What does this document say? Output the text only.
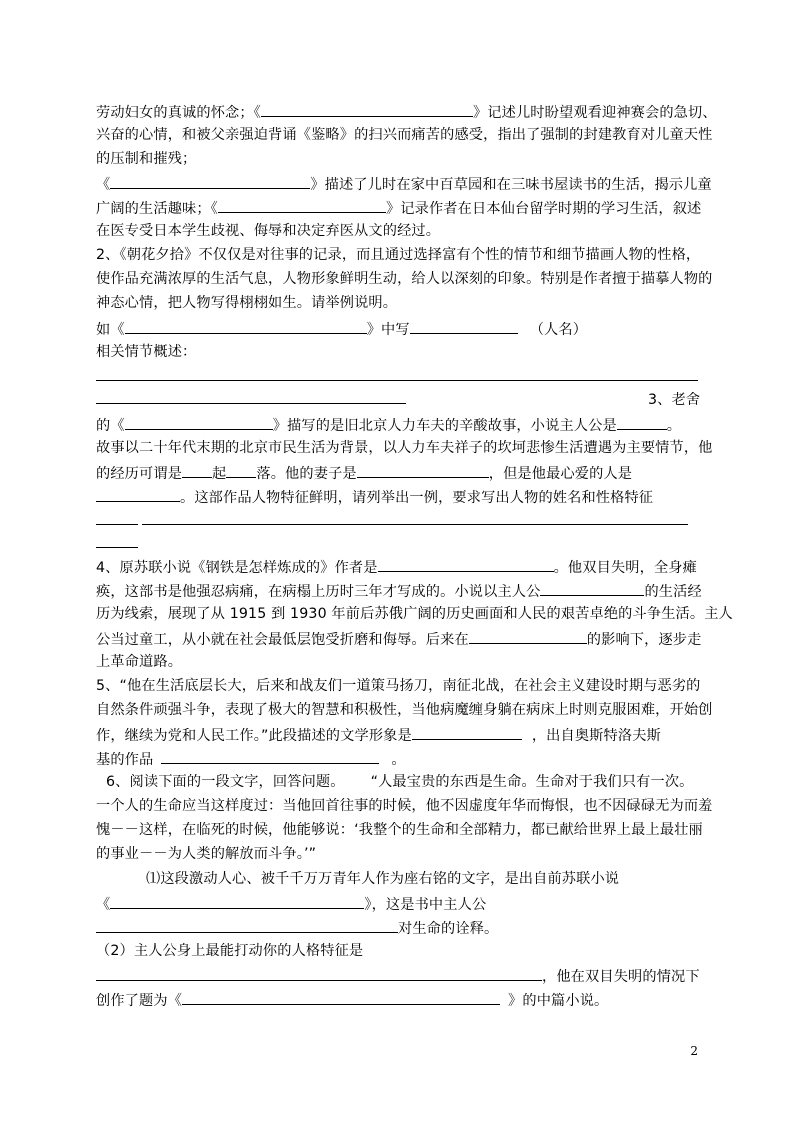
劳动妇女的真诚的怀念；《	》记述儿时盼望观看迎神赛会的急切、
兴奋的心情，和被父亲强迫背诵《鉴略》的扫兴而痛苦的感受，指出了强制的封建教育对儿童天性
的压制和摧残；
《	》描述了儿时在家中百草园和在三味书屋读书的生活，揭示儿童
广阔的生活趣味；《	》记录作者在日本仙台留学时期的学习生活，叙述
在医专受日本学生歧视、侮辱和决定弃医从文的经过。
2、《朝花夕拾》不仅仅是对往事的记录，而且通过选择富有个性的情节和细节描画人物的性格，
使作品充满浓厚的生活气息，人物形象鲜明生动，给人以深刻的印象。特别是作者擅于描摹人物的
神态心情，把人物写得栩栩如生。请举例说明。
如《	》中写	（人名）
相关情节概述：
3、老舍
的《	》描写的是旧北京人力车夫的辛酸故事，小说主人公是	。
故事以二十年代末期的北京市民生活为背景，以人力车夫祥子的坎坷悲惨生活遭遇为主要情节，他
的经历可谓是 起 落。他的妻子是	，但是他最心爱的人是
。这部作品人物特征鲜明，请列举出一例，要求写出人物的姓名和性格特征
4、原苏联小说《钢铁是怎样炼成的》作者是	。他双目失明，全身瘫
痪，这部书是他强忍病痛，在病榻上历时三年才写成的。小说以主人公	的生活经
历为线索，展现了从 1915 到 1930 年前后苏俄广阔的历史画面和人民的艰苦卓绝的斗争生活。主人
公当过童工，从小就在社会最低层饱受折磨和侮辱。后来在	的影响下，逐步走
上革命道路。
5、“他在生活底层长大，后来和战友们一道策马扬刀，南征北战，在社会主义建设时期与恶劣的
自然条件顽强斗争，表现了极大的智慧和积极性，当他病魔缠身躺在病床上时则克服困难，开始创
作，继续为党和人民工作。”此段描述的文学形象是	，出自奥斯特洛夫斯
基的作品	。
6、阅读下面的一段文字，回答问题。 “人最宝贵的东西是生命。生命对于我们只有一次。
一个人的生命应当这样度过：当他回首往事的时候，他不因虚度年华而悔恨，也不因碌碌无为而羞
愧－－这样，在临死的时候，他能够说：‘我整个的生命和全部精力，都已献给世界上最上最壮丽
的事业－－为人类的解放而斗争。’”
⑴这段激动人心、被千千万万青年人作为座右铭的文字，是出自前苏联小说
《	》，这是书中主人公
对生命的诠释。
（2）主人公身上最能打动你的人格特征是
，他在双目失明的情况下
创作了题为《	》的中篇小说。
2
